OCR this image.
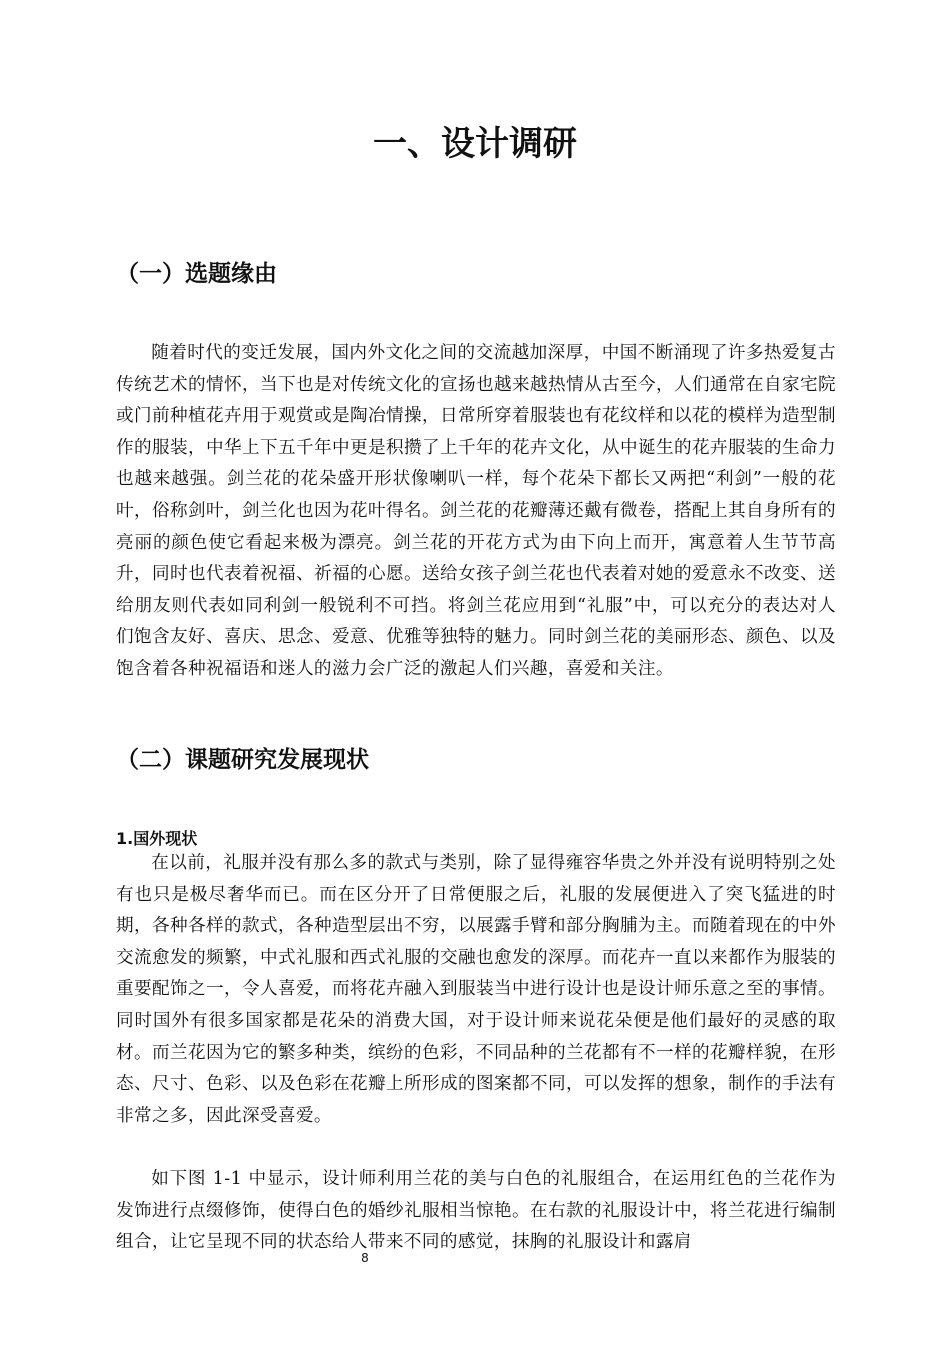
一、设计调研
（一）选题缘由

随着时代的变迁发展，国内外文化之间的交流越加深厚，中国不断涌现了许多热爱复古传统艺术的情怀，当下也是对传统文化的宣扬也越来越热情从古至今，人们通常在自家宅院或门前种植花卉用于观赏或是陶冶情操，日常所穿着服装也有花纹样和以花的模样为造型制作的服装，中华上下五千年中更是积攒了上千年的花卉文化，从中诞生的花卉服装的生命力也越来越强。剑兰花的花朵盛开形状像喇叭一样，每个花朵下都长又两把“利剑”一般的花叶，俗称剑叶，剑兰化也因为花叶得名。剑兰花的花瓣薄还戴有微卷，搭配上其自身所有的亮丽的颜色使它看起来极为漂亮。剑兰花的开花方式为由下向上而开，寓意着人生节节高升，同时也代表着祝福、祈福的心愿。送给女孩子剑兰花也代表着对她的爱意永不改变、送给朋友则代表如同利剑一般锐利不可挡。将剑兰花应用到“礼服”中，可以充分的表达对人们饱含友好、喜庆、思念、爱意、优雅等独特的魅力。同时剑兰花的美丽形态、颜色、以及饱含着各种祝福语和迷人的滋力会广泛的激起人们兴趣，喜爱和关注。

（二）课题研究发展现状
1.国外现状

在以前，礼服并没有那么多的款式与类别，除了显得雍容华贵之外并没有说明特别之处有也只是极尽奢华而已。而在区分开了日常便服之后，礼服的发展便进入了突飞猛进的时期，各种各样的款式，各种造型层出不穷，以展露手臂和部分胸脯为主。而随着现在的中外交流愈发的频繁，中式礼服和西式礼服的交融也愈发的深厚。而花卉一直以来都作为服装的重要配饰之一，令人喜爱，而将花卉融入到服装当中进行设计也是设计师乐意之至的事情。同时国外有很多国家都是花朵的消费大国，对于设计师来说花朵便是他们最好的灵感的取材。而兰花因为它的繁多种类，缤纷的色彩，不同品种的兰花都有不一样的花瓣样貌，在形态、尺寸、色彩、以及色彩在花瓣上所形成的图案都不同，可以发挥的想象，制作的手法有非常之多，因此深受喜爱。

如下图 1-1 中显示，设计师利用兰花的美与白色的礼服组合，在运用红色的兰花作为发饰进行点缀修饰，使得白色的婚纱礼服相当惊艳。在右款的礼服设计中，将兰花进行编制组合，让它呈现不同的状态给人带来不同的感觉，抹胸的礼服设计和露肩

8
